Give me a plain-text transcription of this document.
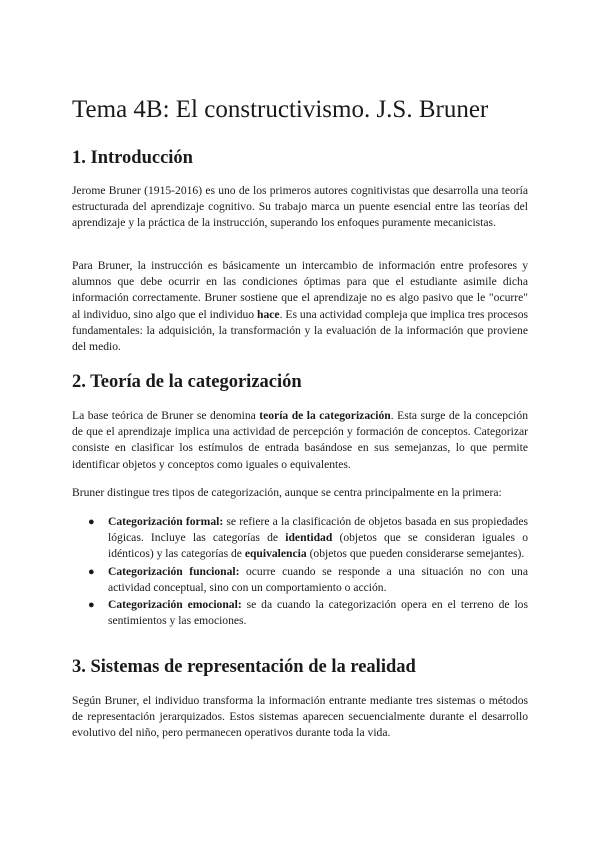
Tema 4B: El constructivismo. J.S. Bruner
1. Introducción

Jerome Bruner (1915-2016) es uno de los primeros autores cognitivistas que desarrolla una teoría estructurada del aprendizaje cognitivo. Su trabajo marca un puente esencial entre las teorías del aprendizaje y la práctica de la instrucción, superando los enfoques puramente mecanicistas.

Para Bruner, la instrucción es básicamente un intercambio de información entre profesores y alumnos que debe ocurrir en las condiciones óptimas para que el estudiante asimile dicha información correctamente. Bruner sostiene que el aprendizaje no es algo pasivo que le "ocurre" al individuo, sino algo que el individuo hace. Es una actividad compleja que implica tres procesos fundamentales: la adquisición, la transformación y la evaluación de la información que proviene del medio.

2. Teoría de la categorización

La base teórica de Bruner se denomina teoría de la categorización. Esta surge de la concepción de que el aprendizaje implica una actividad de percepción y formación de conceptos. Categorizar consiste en clasificar los estímulos de entrada basándose en sus semejanzas, lo que permite identificar objetos y conceptos como iguales o equivalentes.

Bruner distingue tres tipos de categorización, aunque se centra principalmente en la primera:

● Categorización formal: se refiere a la clasificación de objetos basada en sus propiedades lógicas. Incluye las categorías de identidad (objetos que se consideran iguales o idénticos) y las categorías de equivalencia (objetos que pueden considerarse semejantes).
● Categorización funcional: ocurre cuando se responde a una situación no con una actividad conceptual, sino con un comportamiento o acción.
● Categorización emocional: se da cuando la categorización opera en el terreno de los sentimientos y las emociones.
3. Sistemas de representación de la realidad

Según Bruner, el individuo transforma la información entrante mediante tres sistemas o métodos de representación jerarquizados. Estos sistemas aparecen secuencialmente durante el desarrollo evolutivo del niño, pero permanecen operativos durante toda la vida.
